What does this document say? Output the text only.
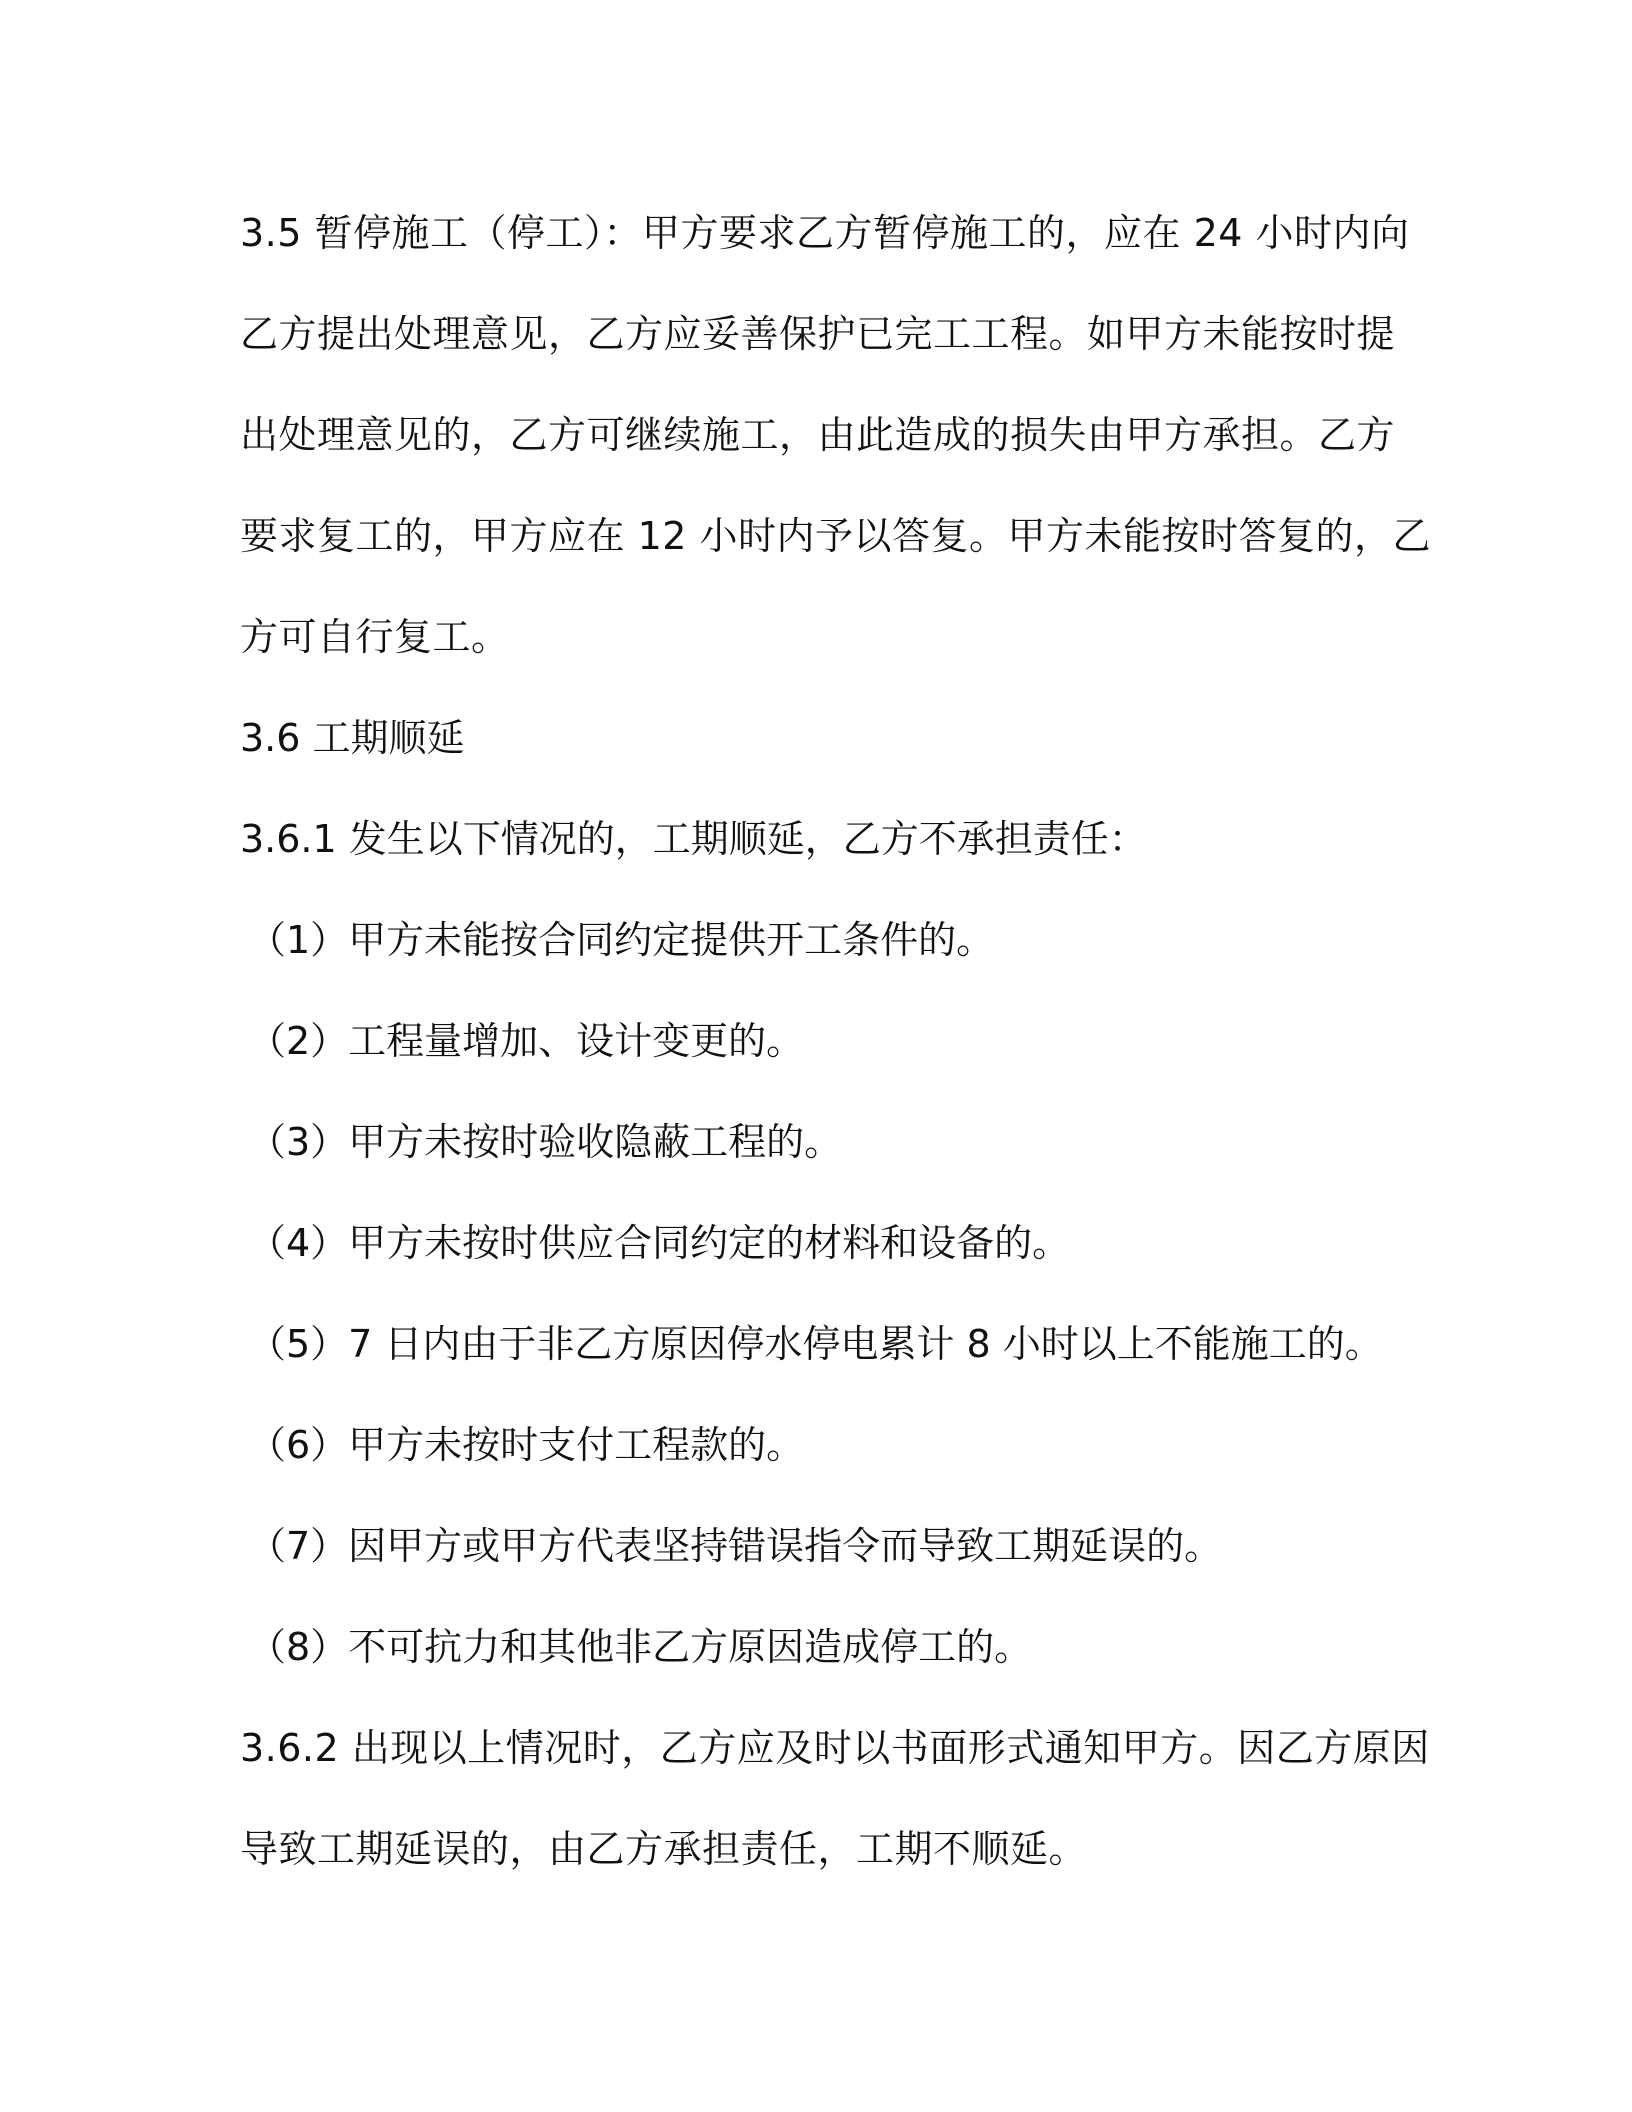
3.5 暂停施工（停工）：甲方要求乙方暂停施工的，应在 24 小时内向
乙方提出处理意见，乙方应妥善保护已完工工程。如甲方未能按时提
出处理意见的，乙方可继续施工，由此造成的损失由甲方承担。乙方
要求复工的，甲方应在 12 小时内予以答复。甲方未能按时答复的，乙
方可自行复工。
3.6 工期顺延
3.6.1 发生以下情况的，工期顺延，乙方不承担责任：
（1）甲方未能按合同约定提供开工条件的。
（2）工程量增加、设计变更的。
（3）甲方未按时验收隐蔽工程的。
（4）甲方未按时供应合同约定的材料和设备的。
（5）7 日内由于非乙方原因停水停电累计 8 小时以上不能施工的。
（6）甲方未按时支付工程款的。
（7）因甲方或甲方代表坚持错误指令而导致工期延误的。
（8）不可抗力和其他非乙方原因造成停工的。
3.6.2 出现以上情况时，乙方应及时以书面形式通知甲方。因乙方原因
导致工期延误的，由乙方承担责任，工期不顺延。
